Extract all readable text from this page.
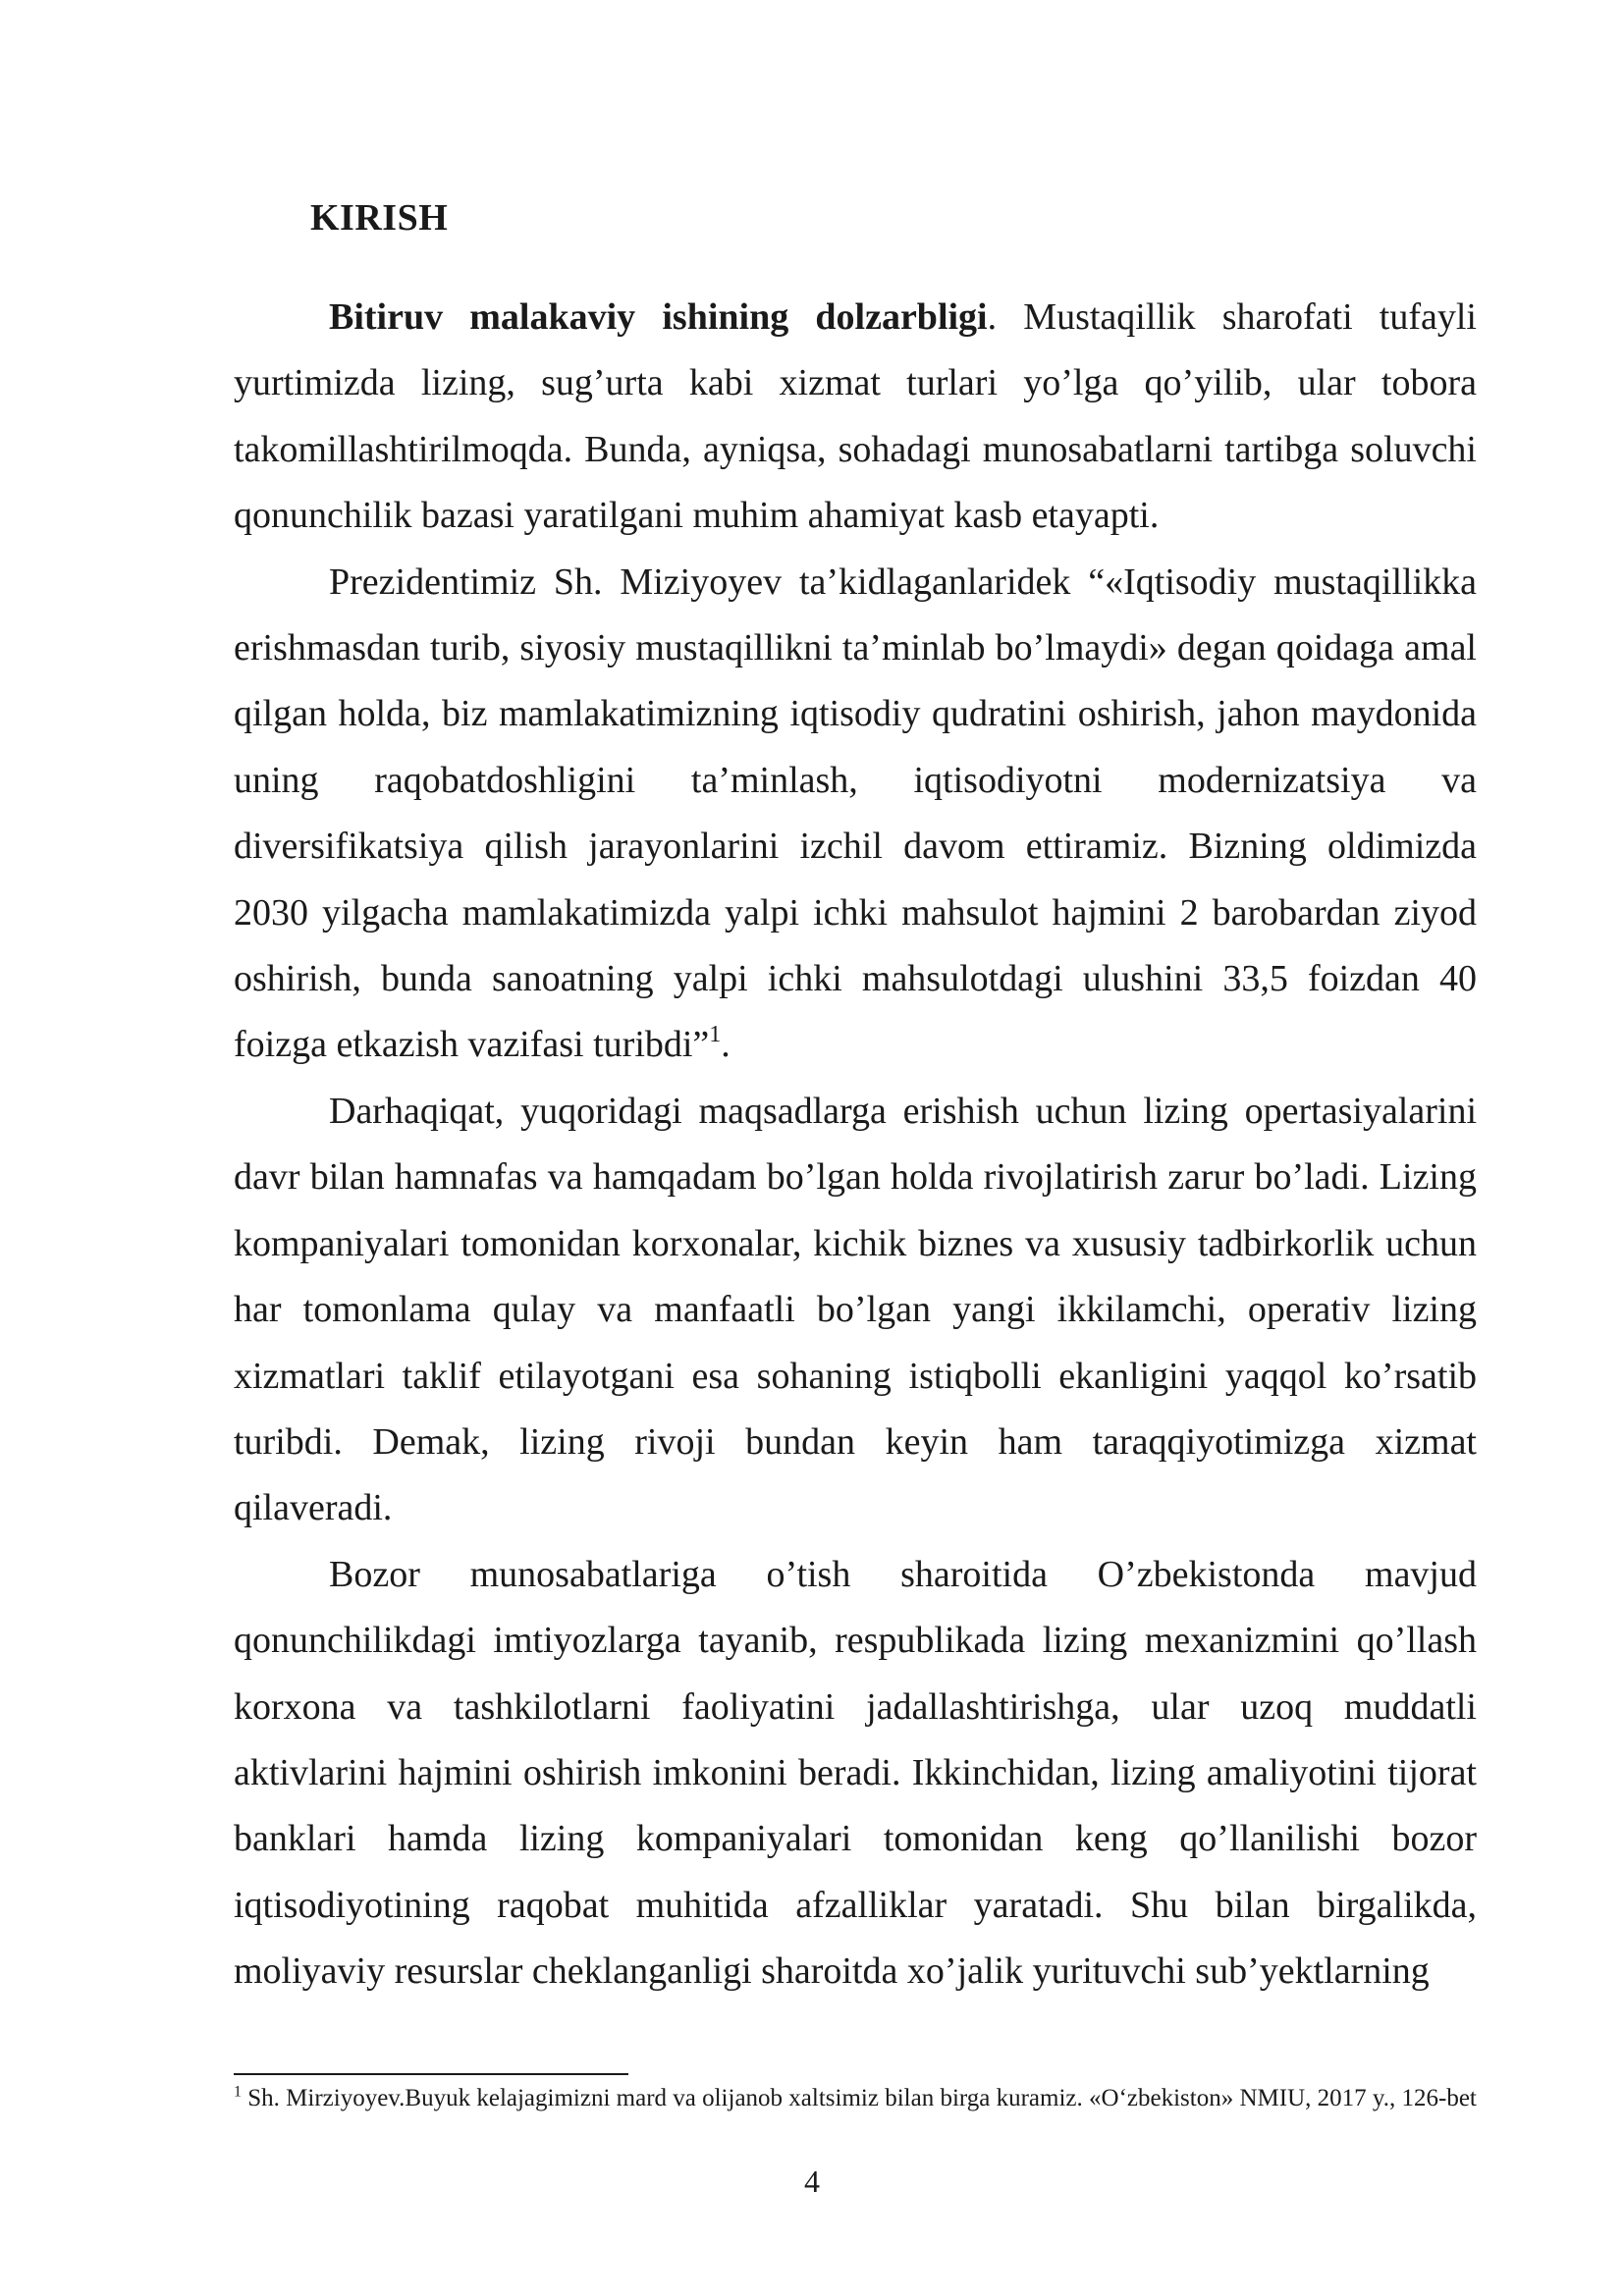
KIRISH

Bitiruv malakaviy ishining dolzarbligi. Mustaqillik sharofati tufayli yurtimizda lizing, sug’urta kabi xizmat turlari yo’lga qo’yilib, ular tobora takomillashtirilmoqda. Bunda, ayniqsa, sohadagi munosabatlarni tartibga soluvchi qonunchilik bazasi yaratilgani muhim ahamiyat kasb etayapti.

Prezidentimiz Sh. Miziyoyev ta’kidlaganlaridek “«Iqtisodiy mustaqillikka erishmasdan turib, siyosiy mustaqillikni ta’minlab bo’lmaydi» degan qoidaga amal qilgan holda, biz mamlakatimizning iqtisodiy qudratini oshirish, jahon maydonida uning raqobatdoshligini ta’minlash, iqtisodiyotni modernizatsiya va diversifikatsiya qilish jarayonlarini izchil davom ettiramiz. Bizning oldimizda 2030 yilgacha mamlakatimizda yalpi ichki mahsulot hajmini 2 barobardan ziyod oshirish, bunda sanoatning yalpi ichki mahsulotdagi ulushini 33,5 foizdan 40 foizga etkazish vazifasi turibdi”$^1$.

Darhaqiqat, yuqoridagi maqsadlarga erishish uchun lizing opertasiyalarini davr bilan hamnafas va hamqadam bo’lgan holda rivojlatirish zarur bo’ladi. Lizing kompaniyalari tomonidan korxonalar, kichik biznes va xususiy tadbirkorlik uchun har tomonlama qulay va manfaatli bo’lgan yangi ikkilamchi, operativ lizing xizmatlari taklif etilayotgani esa sohaning istiqbolli ekanligini yaqqol ko’rsatib turibdi. Demak, lizing rivoji bundan keyin ham taraqqiyotimizga xizmat qilaveradi.

Bozor munosabatlariga o’tish sharoitida O’zbekistonda mavjud qonunchilikdagi imtiyozlarga tayanib, respublikada lizing mexanizmini qo’llash korxona va tashkilotlarni faoliyatini jadallashtirishga, ular uzoq muddatli aktivlarini hajmini oshirish imkonini beradi. Ikkinchidan, lizing amaliyotini tijorat banklari hamda lizing kompaniyalari tomonidan keng qo’llanilishi bozor iqtisodiyotining raqobat muhitida afzalliklar yaratadi. Shu bilan birgalikda, moliyaviy resurslar cheklanganligi sharoitda xo’jalik yurituvchi sub’yektlarning

$^1$ Sh. Mirziyoyev.Buyuk kelajagimizni mard va olijanob xaltsimiz bilan birga kuramiz. «O‘zbekiston» NMIU, 2017 y., 126-bet

4
